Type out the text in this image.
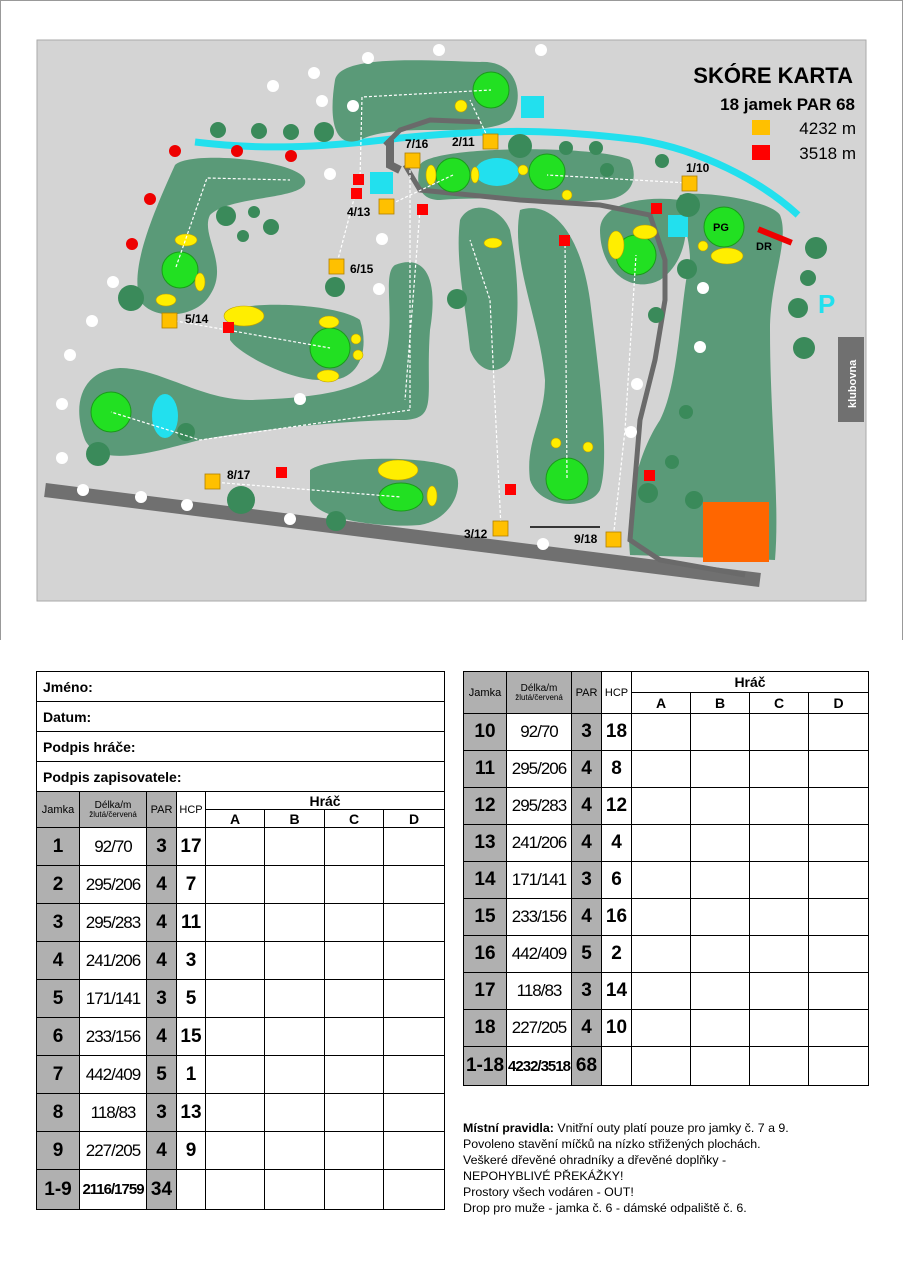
SKÓRE KARTA
18 jamek PAR 68
4232 m
3518 m
1/10
2/11
3/12
4/13
5/14
6/15
7/16
8/17
9/18
PG
DR
P
klubovna
Jméno:							
Datum:							
Podpis hráče:							
Podpis zapisovatele:							
Jamka	Délka/m
žlutá/červená	PAR	HCP	Hráč			
				A	B	C	D
1	92/70	3	17				
2	295/206	4	7				
3	295/283	4	11				
4	241/206	4	3				
5	171/141	3	5				
6	233/156	4	15				
7	442/409	5	1				
8	118/83	3	13				
9	227/205	4	9				
1-9	2116/1759	34					
Jamka	Délka/m
žlutá/červená	PAR	HCP	Hráč			
				A	B	C	D
10	92/70	3	18				
11	295/206	4	8				
12	295/283	4	12				
13	241/206	4	4				
14	171/141	3	6				
15	233/156	4	16				
16	442/409	5	2				
17	118/83	3	14				
18	227/205	4	10				
1-18	4232/3518	68					
Místní pravidla: Vnitřní outy platí pouze pro jamky č. 7 a 9.
Povoleno stavění míčků na nízko střižených plochách.
Veškeré dřevěné ohradníky a dřevěné doplňky -
NEPOHYBLIVÉ PŘEKÁŽKY!
Prostory všech vodáren - OUT!
Drop pro muže - jamka č. 6 - dámské odpaliště č. 6.
